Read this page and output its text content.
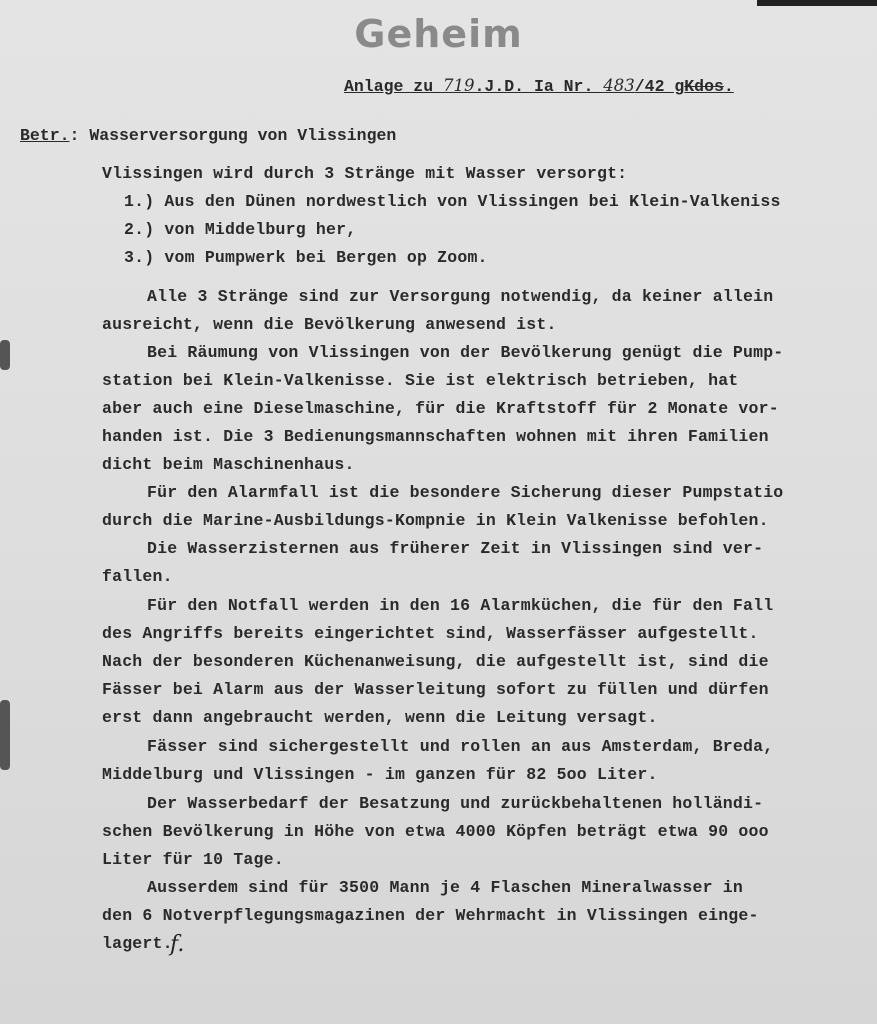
Geheim
Anlage zu 719.J.D. Ia Nr. 483/42 gKdos.
Betr.: Wasserversorgung von Vlissingen
Vlissingen wird durch 3 Stränge mit Wasser versorgt:
1.) Aus den Dünen nordwestlich von Vlissingen bei Klein-Valkeniss
2.) von Middelburg her,
3.) vom Pumpwerk bei Bergen op Zoom.
Alle 3 Stränge sind zur Versorgung notwendig, da keiner allein
ausreicht, wenn die Bevölkerung anwesend ist.
Bei Räumung von Vlissingen von der Bevölkerung genügt die Pump-
station bei Klein-Valkenisse. Sie ist elektrisch betrieben, hat
aber auch eine Dieselmaschine, für die Kraftstoff für 2 Monate vor-
handen ist. Die 3 Bedienungsmannschaften wohnen mit ihren Familien
dicht beim Maschinenhaus.
Für den Alarmfall ist die besondere Sicherung dieser Pumpstatio
durch die Marine-Ausbildungs-Kompnie in Klein Valkenisse befohlen.
Die Wasserzisternen aus früherer Zeit in Vlissingen sind ver-
fallen.
Für den Notfall werden in den 16 Alarmküchen, die für den Fall
des Angriffs bereits eingerichtet sind, Wasserfässer aufgestellt.
Nach der besonderen Küchenanweisung, die aufgestellt ist, sind die
Fässer bei Alarm aus der Wasserleitung sofort zu füllen und dürfen
erst dann angebraucht werden, wenn die Leitung versagt.
Fässer sind sichergestellt und rollen an aus Amsterdam, Breda,
Middelburg und Vlissingen - im ganzen für 82 5oo Liter.
Der Wasserbedarf der Besatzung und zurückbehaltenen holländi-
schen Bevölkerung in Höhe von etwa 4000 Köpfen beträgt etwa 90 ooo
Liter für 10 Tage.
Ausserdem sind für 3500 Mann je 4 Flaschen Mineralwasser in
den 6 Notverpflegungsmagazinen der Wehrmacht in Vlissingen einge-
lagert.
f.
